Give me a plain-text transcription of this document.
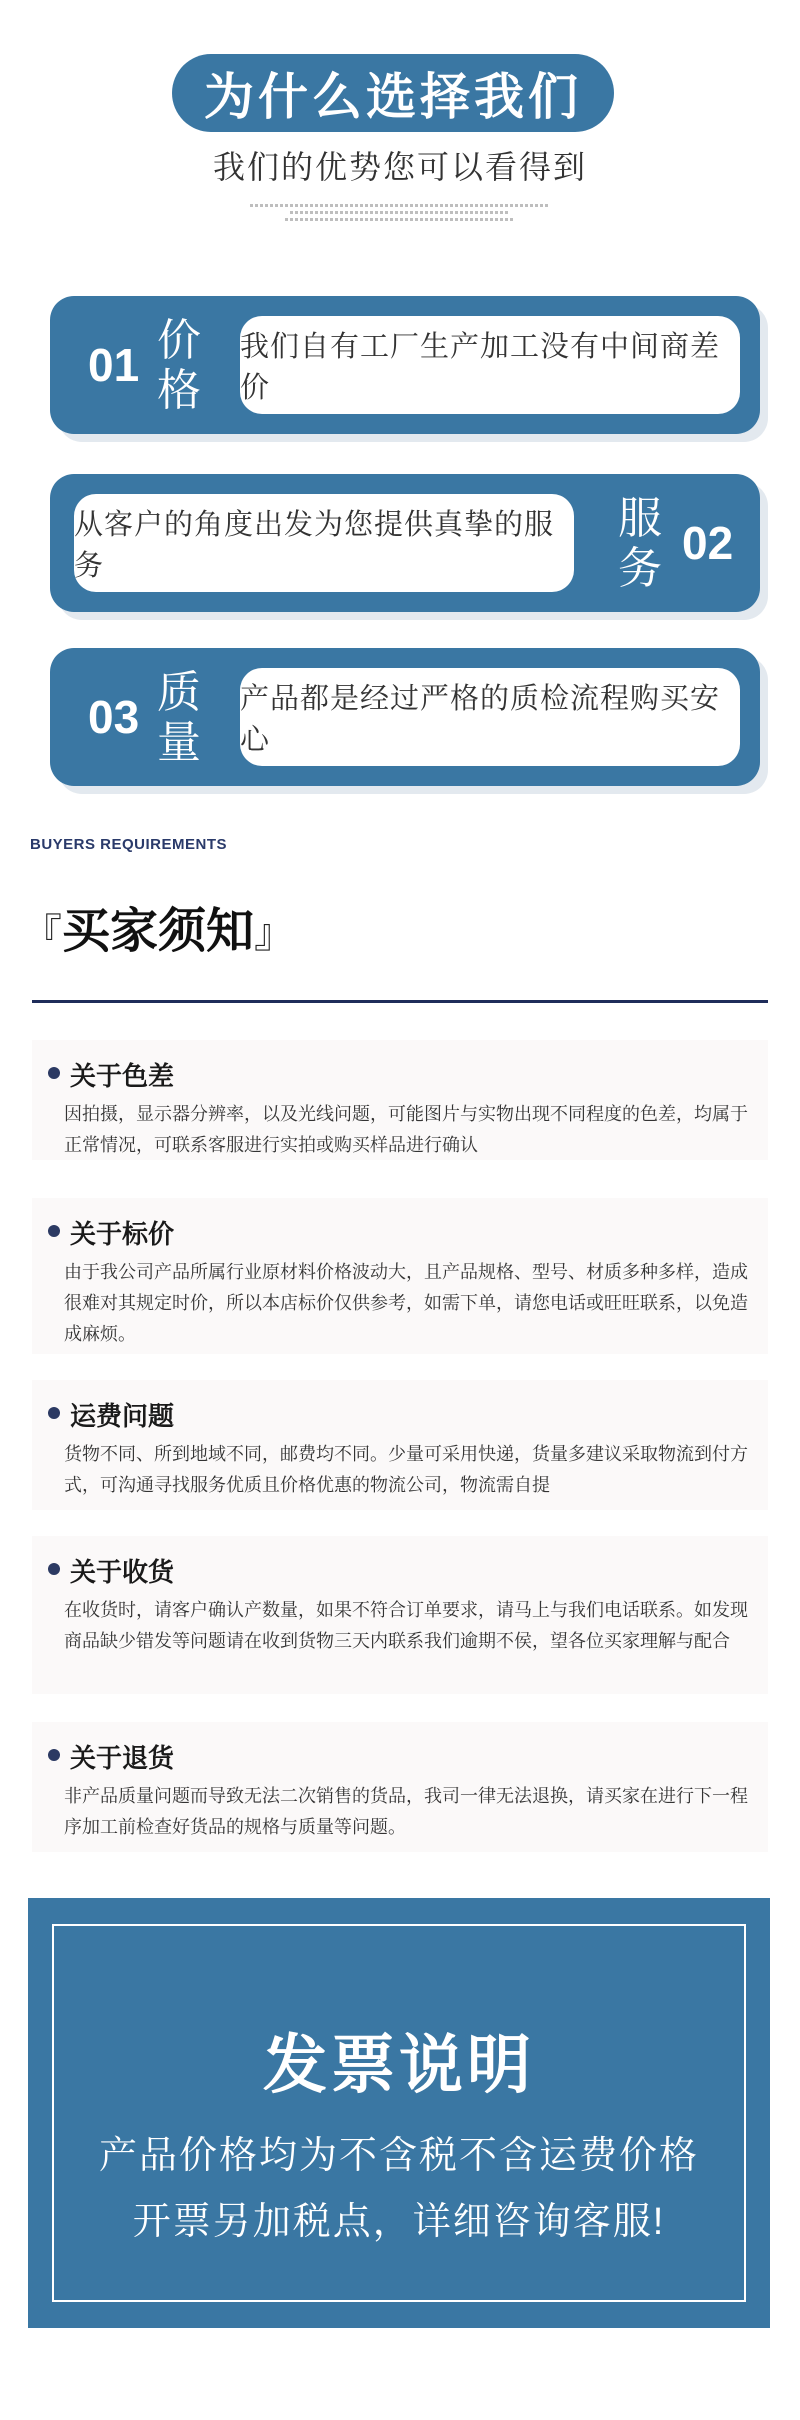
为什么选择我们
我们的优势您可以看得到
01 价格
我们自有工厂生产加工没有中间商差价
从客户的角度出发为您提供真挚的服务
服务 02
03 质量
产品都是经过严格的质检流程购买安心
BUYERS REQUIREMENTS
『买家须知』
关于色差

因拍摄，显示器分辨率，以及光线问题，可能图片与实物出现不同程度的色差，均属于正常情况，可联系客服进行实拍或购买样品进行确认

关于标价

由于我公司产品所属行业原材料价格波动大，且产品规格、型号、材质多种多样，造成很难对其规定时价，所以本店标价仅供参考，如需下单，请您电话或旺旺联系，以免造成麻烦。

运费问题

货物不同、所到地域不同，邮费均不同。少量可采用快递，货量多建议采取物流到付方式，可沟通寻找服务优质且价格优惠的物流公司，物流需自提

关于收货

在收货时，请客户确认产数量，如果不符合订单要求，请马上与我们电话联系。如发现商品缺少错发等问题请在收到货物三天内联系我们逾期不侯，望各位买家理解与配合

关于退货

非产品质量问题而导致无法二次销售的货品，我司一律无法退换，请买家在进行下一程序加工前检查好货品的规格与质量等问题。

发票说明
产品价格均为不含税不含运费价格
开票另加税点，详细咨询客服!
